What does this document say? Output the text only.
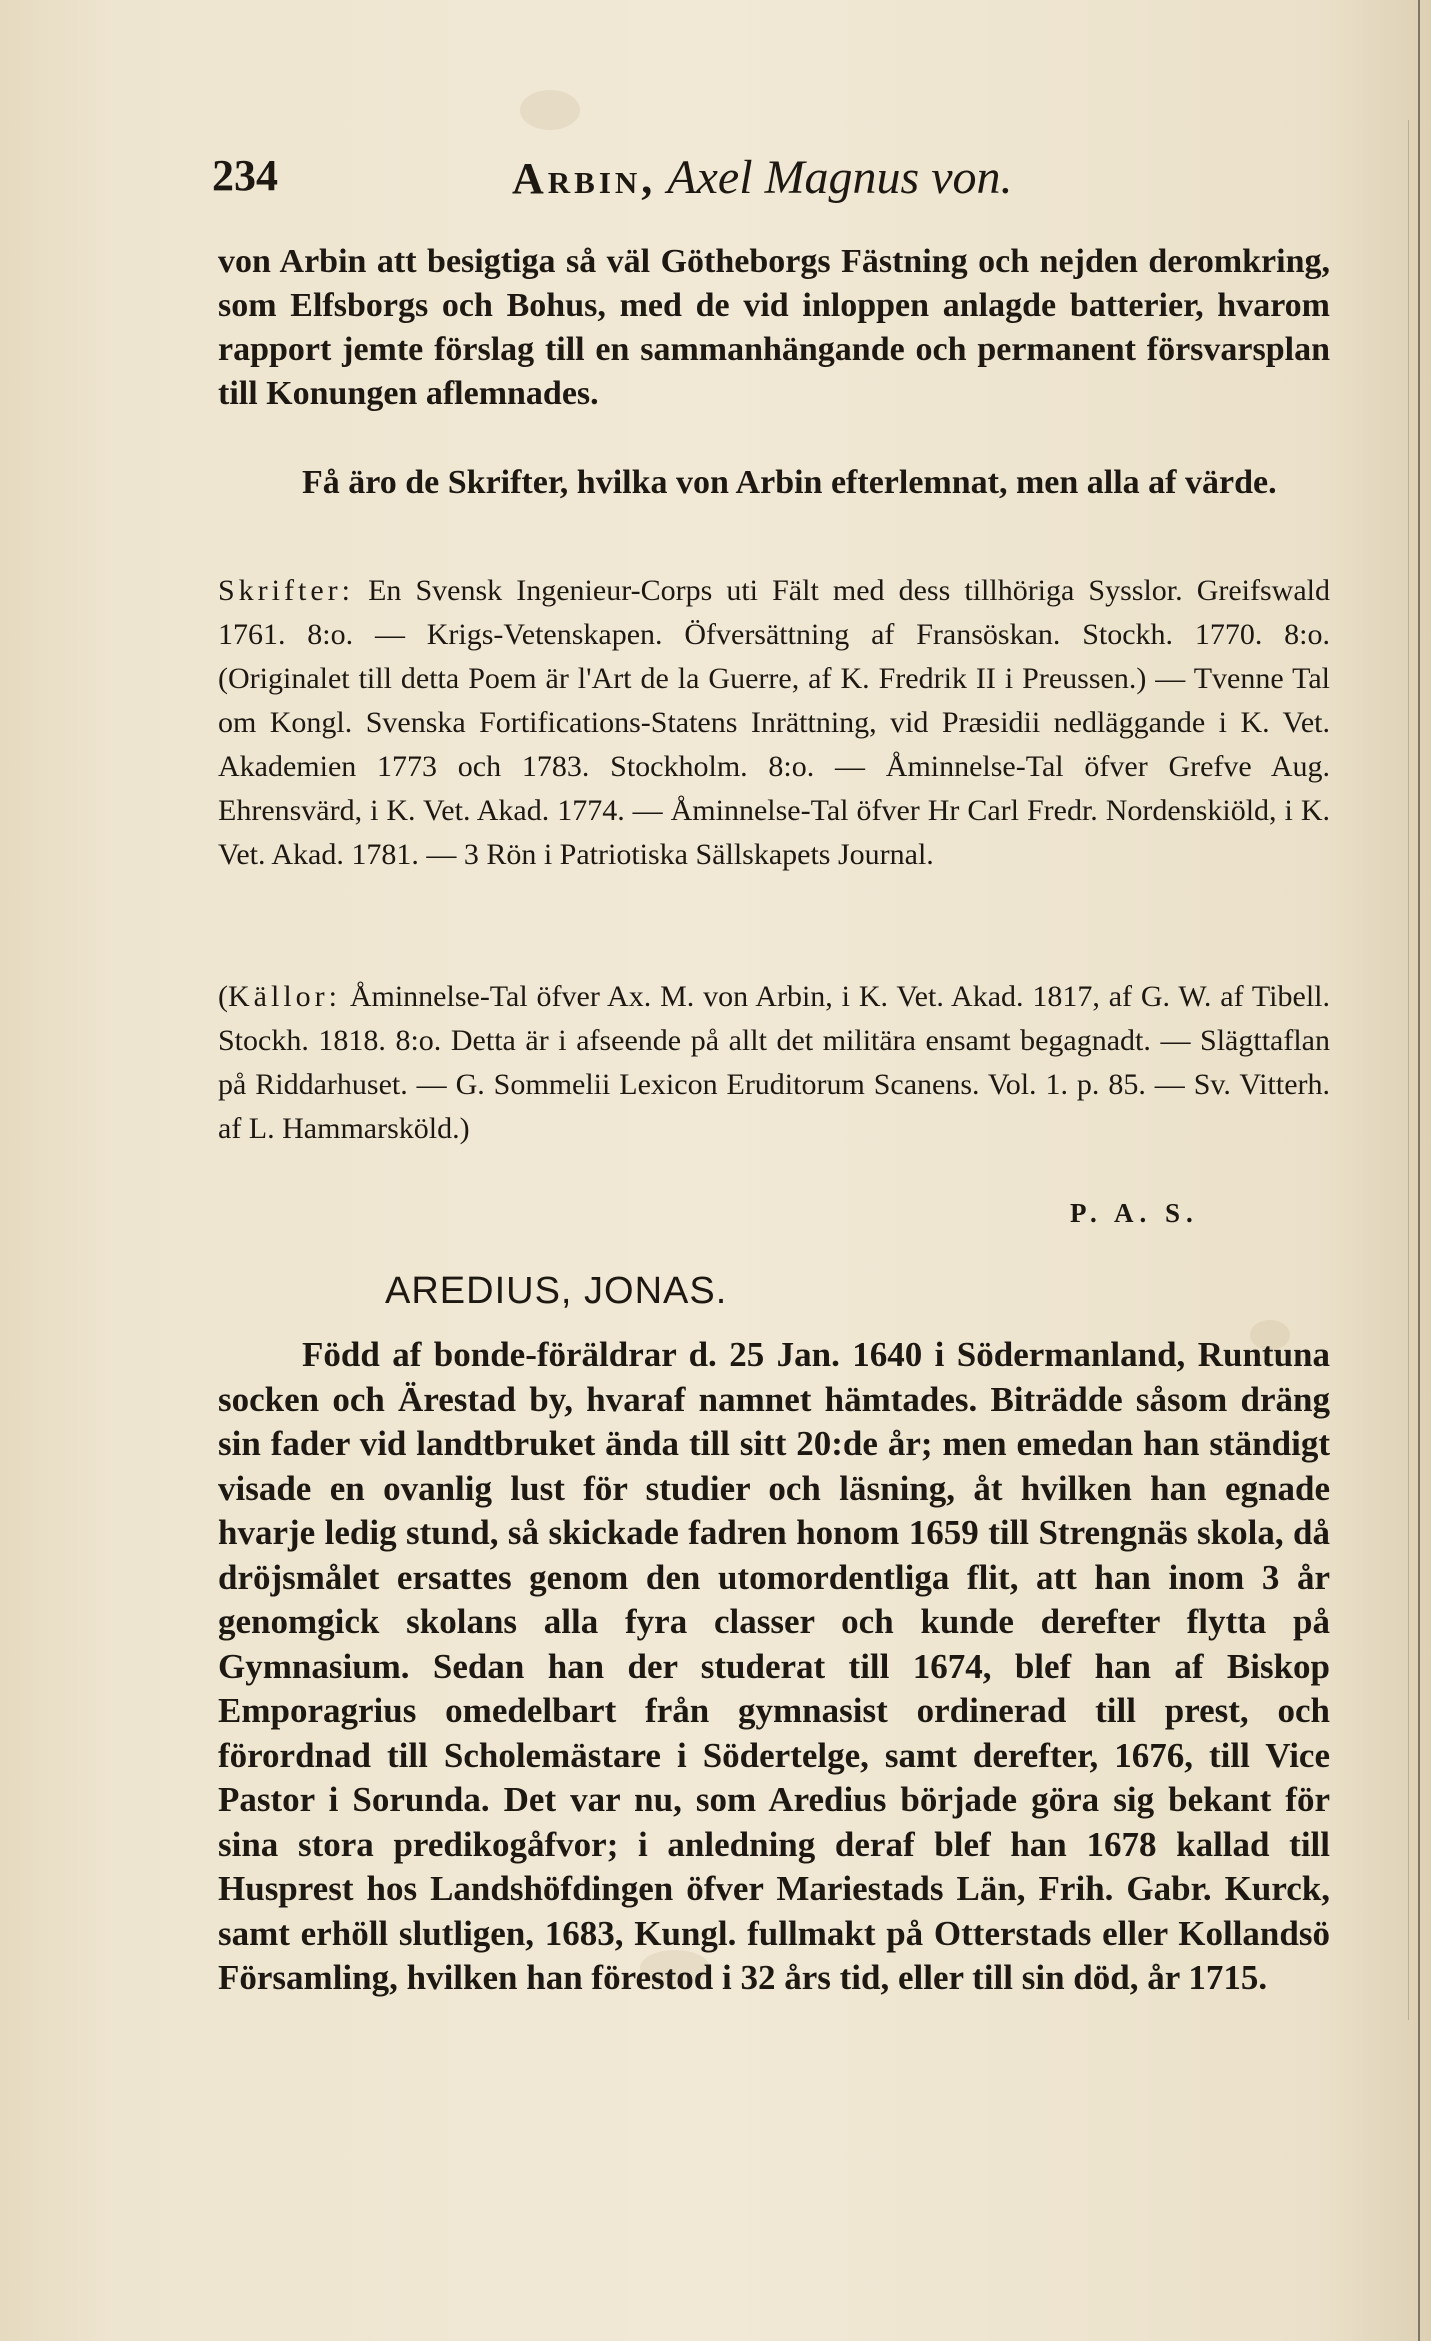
234	Arbin, Axel Magnus von.

von Arbin att besigtiga så väl Götheborgs Fästning och nejden deromkring, som Elfsborgs och Bohus, med de vid inloppen anlagde batterier, hvarom rapport jemte förslag till en sammanhängande och permanent försvarsplan till Konungen aflemnades.

Få äro de Skrifter, hvilka von Arbin efterlemnat, men alla af värde.

Skrifter: En Svensk Ingenieur-Corps uti Fält med dess tillhöriga Sysslor. Greifswald 1761. 8:o. — Krigs-Vetenskapen. Öfversättning af Fransöskan. Stockh. 1770. 8:o. (Originalet till detta Poem är l'Art de la Guerre, af K. Fredrik II i Preussen.) — Tvenne Tal om Kongl. Svenska Fortifications-Statens Inrättning, vid Præsidii nedläggande i K. Vet. Akademien 1773 och 1783. Stockholm. 8:o. — Åminnelse-Tal öfver Grefve Aug. Ehrensvärd, i K. Vet. Akad. 1774. — Åminnelse-Tal öfver Hr Carl Fredr. Nordenskiöld, i K. Vet. Akad. 1781. — 3 Rön i Patriotiska Sällskapets Journal.

(Källor: Åminnelse-Tal öfver Ax. M. von Arbin, i K. Vet. Akad. 1817, af G. W. af Tibell. Stockh. 1818. 8:o. Detta är i afseende på allt det militära ensamt begagnadt. — Slägttaflan på Riddarhuset. — G. Sommelii Lexicon Eruditorum Scanens. Vol. 1. p. 85. — Sv. Vitterh. af L. Hammarsköld.)

P. A. S.
AREDIUS, JONAS.

Född af bonde-föräldrar d. 25 Jan. 1640 i Södermanland, Runtuna socken och Ärestad by, hvaraf namnet hämtades. Biträdde såsom dräng sin fader vid landtbruket ända till sitt 20:de år; men emedan han ständigt visade en ovanlig lust för studier och läsning, åt hvilken han egnade hvarje ledig stund, så skickade fadren honom 1659 till Strengnäs skola, då dröjsmålet ersattes genom den utomordentliga flit, att han inom 3 år genomgick skolans alla fyra classer och kunde derefter flytta på Gymnasium. Sedan han der studerat till 1674, blef han af Biskop Emporagrius omedelbart från gymnasist ordinerad till prest, och förordnad till Scholemästare i Södertelge, samt derefter, 1676, till Vice Pastor i Sorunda. Det var nu, som Aredius började göra sig bekant för sina stora predikogåfvor; i anledning deraf blef han 1678 kallad till Husprest hos Landshöfdingen öfver Mariestads Län, Frih. Gabr. Kurck, samt erhöll slutligen, 1683, Kungl. fullmakt på Otterstads eller Kollandsö Församling, hvilken han förestod i 32 års tid, eller till sin död, år 1715.
